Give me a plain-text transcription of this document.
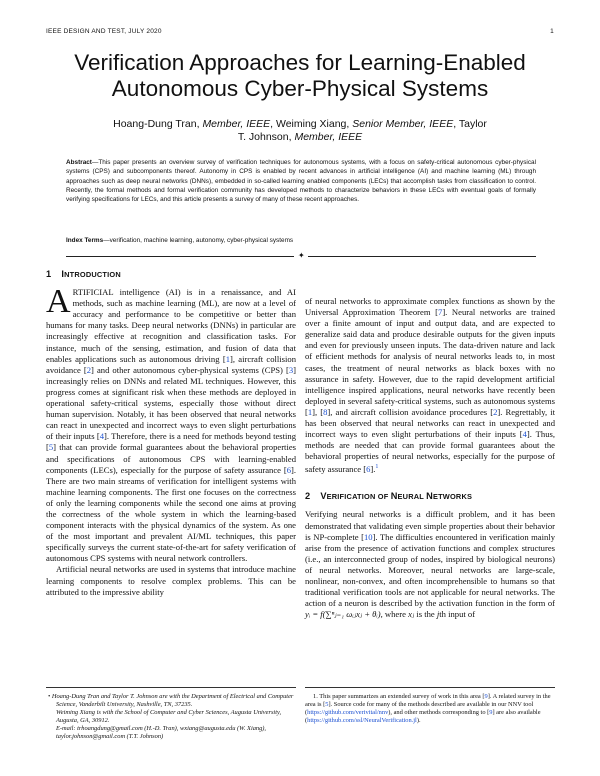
IEEE DESIGN AND TEST, JULY 2020	1
Verification Approaches for Learning-Enabled Autonomous Cyber-Physical Systems
Hoang-Dung Tran, Member, IEEE, Weiming Xiang, Senior Member, IEEE, Taylor T. Johnson, Member, IEEE
Abstract—This paper presents an overview survey of verification techniques for autonomous systems, with a focus on safety-critical autonomous cyber-physical systems (CPS) and subcomponents thereof. Autonomy in CPS is enabled by recent advances in artificial intelligence (AI) and machine learning (ML) through approaches such as deep neural networks (DNNs), embedded in so-called learning enabled components (LECs) that accomplish tasks from classification to control. Recently, the formal methods and formal verification community has developed methods to characterize behaviors in these LECs with eventual goals of formally verifying specifications for LECs, and this article presents a survey of many of these recent approaches.
Index Terms—verification, machine learning, autonomy, cyber-physical systems
✦
1 INTRODUCTION

ARTIFICIAL intelligence (AI) is in a renaissance, and AI methods, such as machine learning (ML), are now at a level of accuracy and performance to be competitive or better than humans for many tasks. Deep neural networks (DNNs) in particular are increasingly effective at recognition and classification tasks. For instance, much of the sensing, estimation, and fusion of data that enables applications such as autonomous driving [1], aircraft collision avoidance [2] and other autonomous cyber-physical systems (CPS) [3] increasingly relies on DNNs and related ML techniques. However, this progress comes at significant risk when these methods are deployed in operational safety-critical systems, especially those without direct human supervision. Notably, it has been observed that neural networks can react in unexpected and incorrect ways to even slight perturbations of their inputs [4]. Therefore, there is a need for methods beyond testing [5] that can provide formal guarantees about the behavioral properties and specifications of autonomous CPS with learning-enabled components (LECs), especially for the purpose of safety assurance [6]. There are two main streams of verification for intelligent systems with machine learning components. The first one focuses on the correctness of only the learning components while the second one aims at proving the correctness of the whole system in which the learning-based component interacts with the physical dynamics of the system. As one of the most important and prevalent AI/ML techniques, this paper specifically surveys the current state-of-the-art for safety verification of autonomous CPS systems with neural network controllers.

Artificial neural networks are used in systems that introduce machine learning components to resolve complex problems. This can be attributed to the impressive ability

of neural networks to approximate complex functions as shown by the Universal Approximation Theorem [7]. Neural networks are trained over a finite amount of input and output data, and are expected to generalize said data and produce desirable outputs for the given inputs and even for previously unseen inputs. The data-driven nature and lack of efficient methods for analysis of neural networks leads to, in most cases, the treatment of neural networks as black boxes with no assurance in safety. However, due to the rapid development artificial intelligence inspired applications, neural networks have recently been deployed in several safety-critical systems, such as autonomous systems [1], [8], and aircraft collision avoidance procedures [2]. Regrettably, it has been observed that neural networks can react in unexpected and incorrect ways to even slight perturbations of their inputs [4]. Thus, methods are needed that can provide formal guarantees about the behavioral properties of neural networks, especially for the purpose of safety assurance [6].$^1$

2 VERIFICATION OF NEURAL NETWORKS

Verifying neural networks is a difficult problem, and it has been demonstrated that validating even simple properties about their behavior is NP-complete [10]. The difficulties encountered in verification mainly arise from the presence of activation functions and complex structures (i.e., an interconnected group of nodes, inspired by biological neurons) of neural networks. Moreover, neural networks are large-scale, nonlinear, non-convex, and often incomprehensible to humans so that traditional verification tools are not applicable for neural networks. The action of a neuron is described by the activation function in the form of yᵢ = f(∑ⁿⱼ₌₁ ωᵢⱼxⱼ + θᵢ), where xⱼ is the jth input of

• Hoang-Dung Tran and Taylor T. Johnson are with the Department of Electrical and Computer Science, Vanderbilt University, Nashville, TN, 37235.

Weiming Xiang is with the School of Computer and Cyber Sciences, Augusta University, Augusta, GA, 30912.

E-mail: trhoangdung@gmail.com (H.-D. Tran), wxiang@augusta.edu (W. Xiang), taylor.johnson@gmail.com (T.T. Johnson)

1. This paper summarizes an extended survey of work in this area [9]. A related survey in the area is [5]. Source code for many of the methods described are available in our NNV tool (https://github.com/verivital/nnv), and other methods corresponding to [9] are also available (https://github.com/ssl/NeuralVerification.jl).
